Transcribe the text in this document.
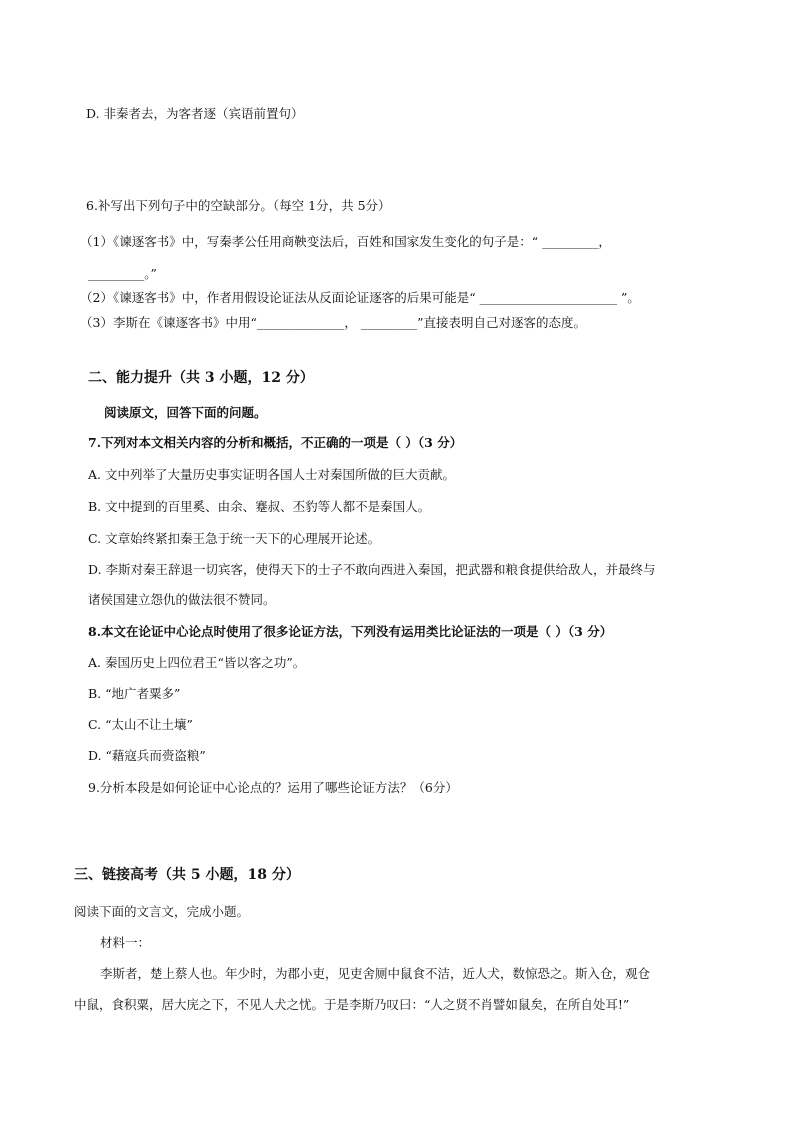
D. 非秦者去，为客者逐（宾语前置句）
6.补写出下列句子中的空缺部分。（每空 1分，共 5分）
（1）《谏逐客书》中，写秦孝公任用商鞅变法后，百姓和国家发生变化的句子是：“ _________，
_________。”
（2）《谏逐客书》中，作者用假设论证法从反面论证逐客的后果可能是“ ______________________ ”。
（3）李斯在《谏逐客书》中用“______________， _________”直接表明自己对逐客的态度。
二、能力提升（共 3 小题，12 分）
阅读原文，回答下面的问题。
7.下列对本文相关内容的分析和概括，不正确的一项是（ ）（3 分）
A. 文中列举了大量历史事实证明各国人士对秦国所做的巨大贡献。
B. 文中提到的百里奚、由余、蹇叔、丕豹等人都不是秦国人。
C. 文章始终紧扣秦王急于统一天下的心理展开论述。
D. 李斯对秦王辞退一切宾客，使得天下的士子不敢向西进入秦国，把武器和粮食提供给敌人，并最终与
诸侯国建立怨仇的做法很不赞同。
8.本文在论证中心论点时使用了很多论证方法，下列没有运用类比论证法的一项是（ ）（3 分）
A. 秦国历史上四位君王“皆以客之功”。
B. “地广者粟多”
C. “太山不让土壤”
D. “藉寇兵而赍盗粮”
9.分析本段是如何论证中心论点的？运用了哪些论证方法？（6分）
三、链接高考（共 5 小题，18 分）
阅读下面的文言文，完成小题。
材料一：
李斯者，楚上蔡人也。年少时，为郡小吏，见吏舍厕中鼠食不洁，近人犬，数惊恐之。斯入仓，观仓
中鼠，食积粟，居大庑之下，不见人犬之忧。于是李斯乃叹曰：“人之贤不肖譬如鼠矣，在所自处耳!”
